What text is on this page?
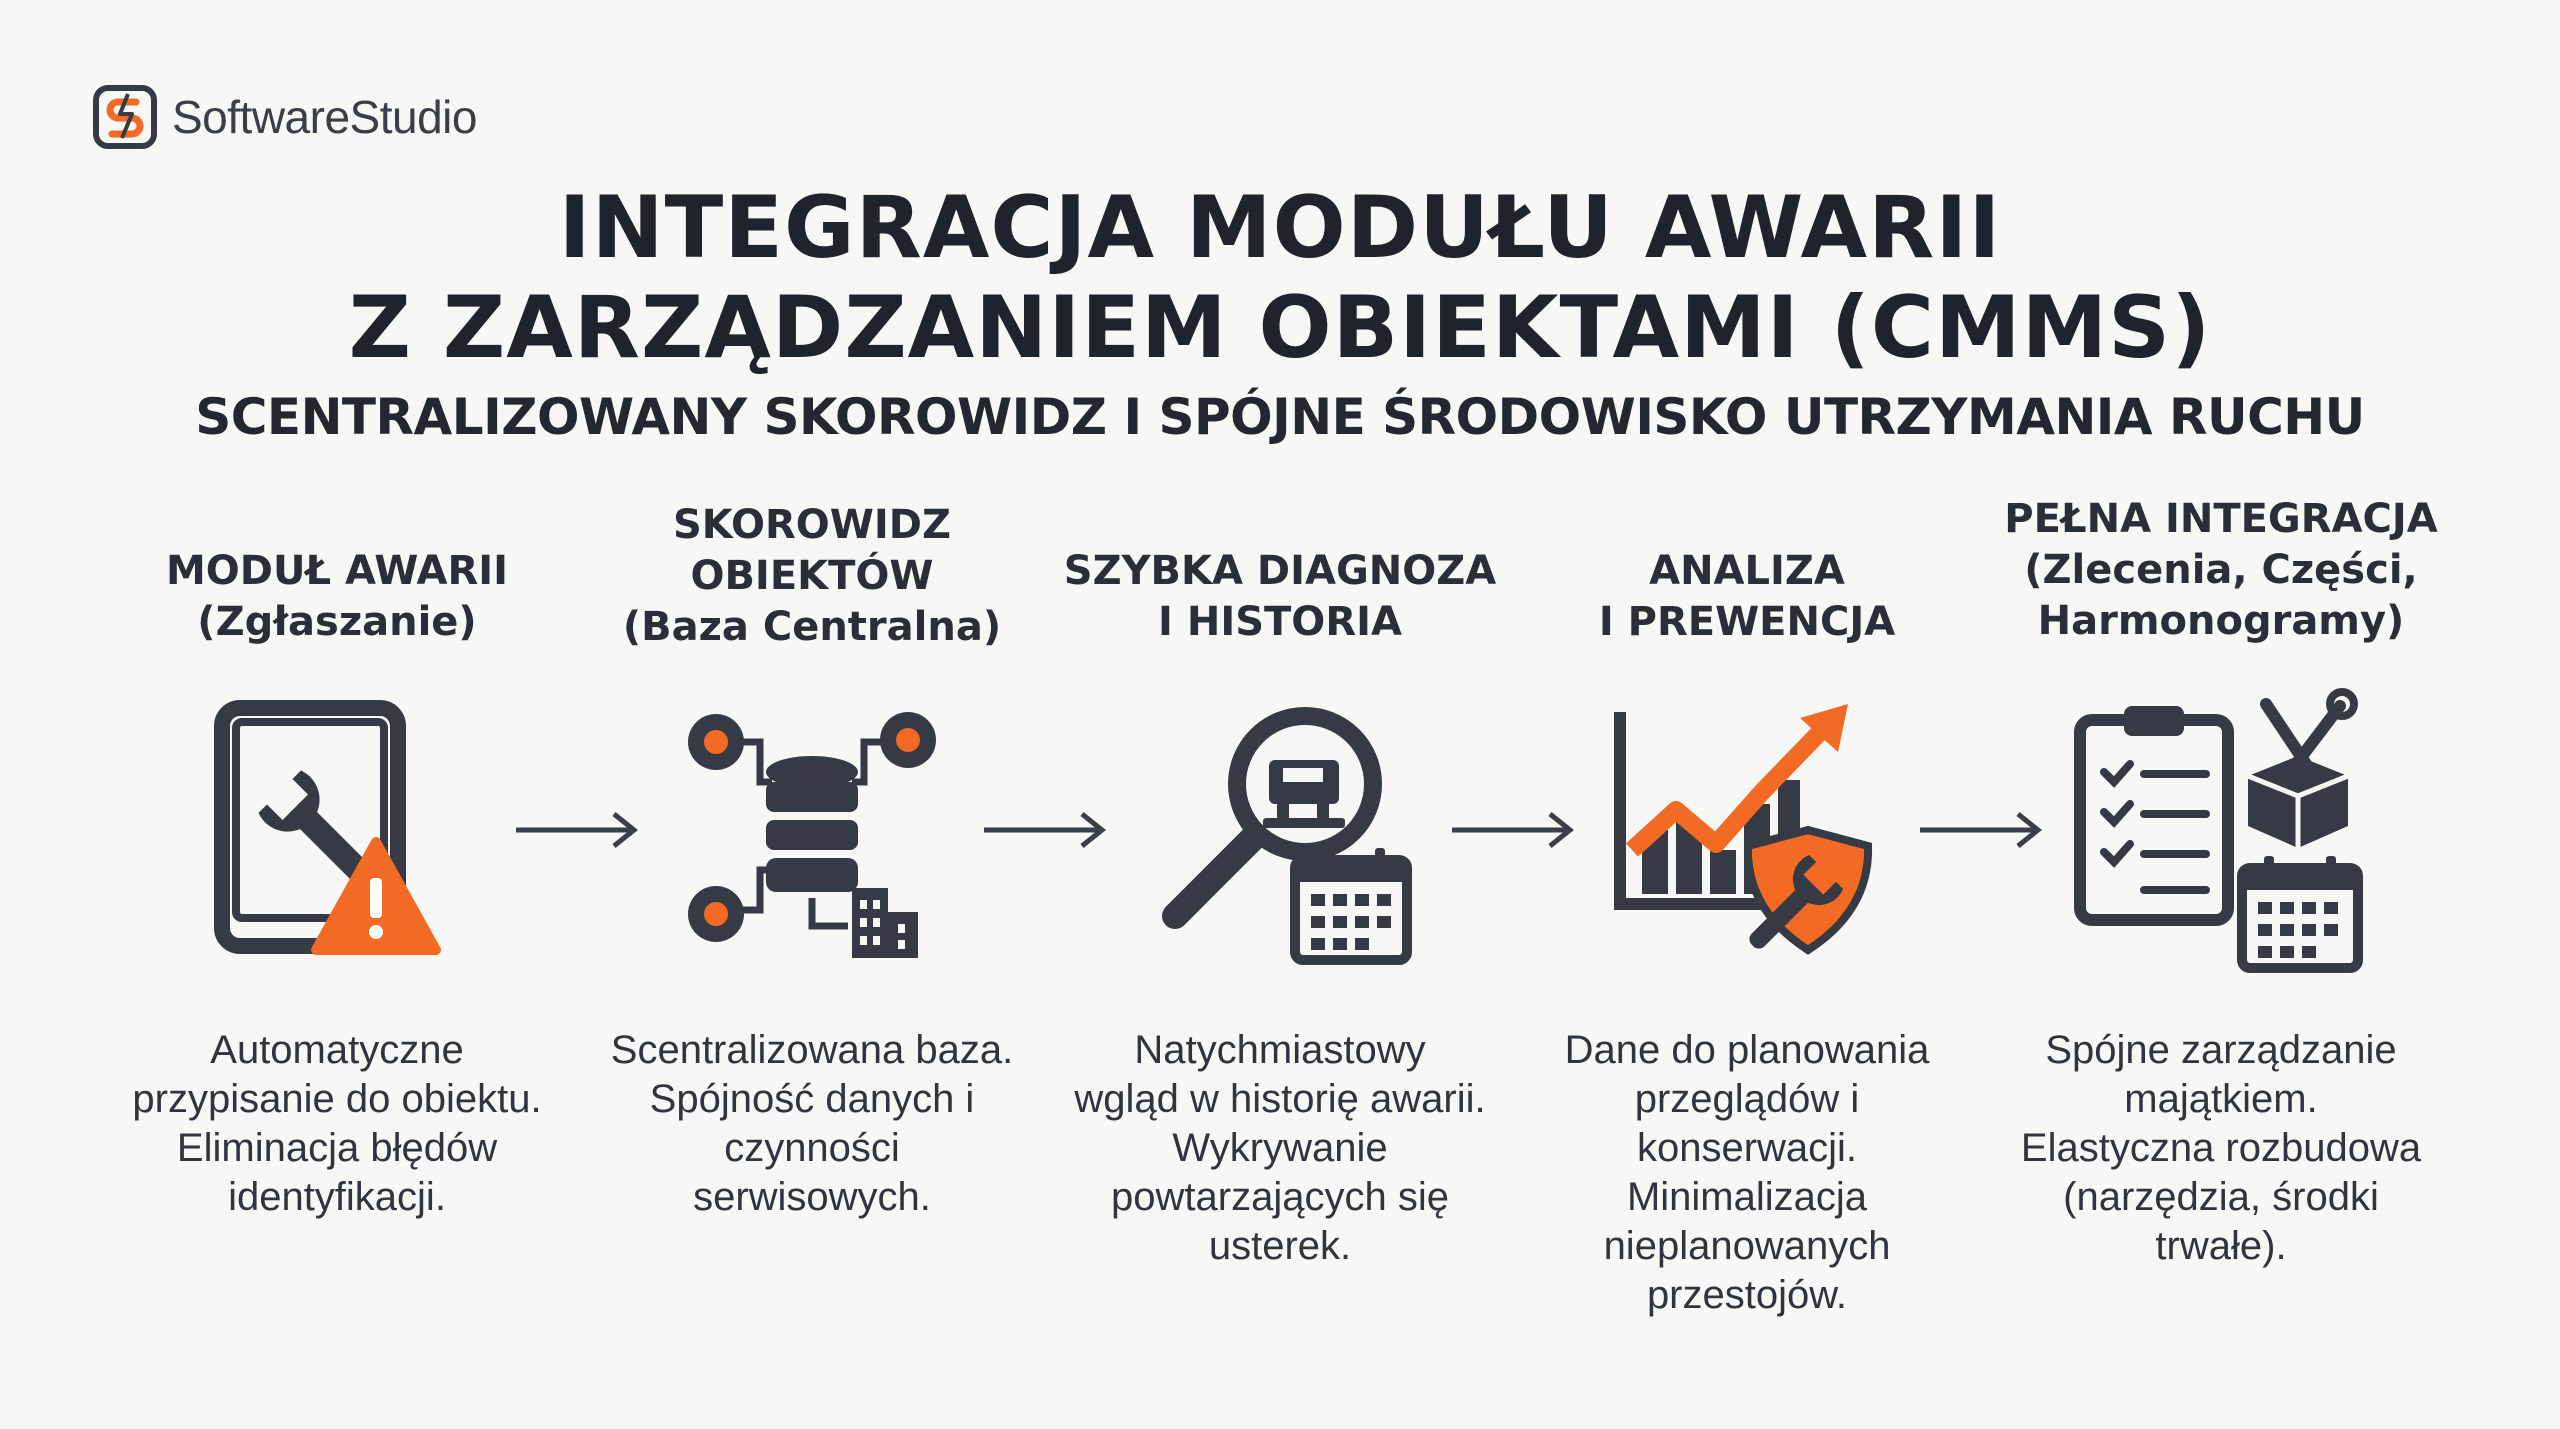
SoftwareStudio
INTEGRACJA MODUŁU AWARII
Z ZARZĄDZANIEM OBIEKTAMI (CMMS)
SCENTRALIZOWANY SKOROWIDZ I SPÓJNE ŚRODOWISKO UTRZYMANIA RUCHU
MODUŁ AWARII
(Zgłaszanie)
Automatyczne
przypisanie do obiektu.
Eliminacja błędów
identyfikacji.
SKOROWIDZ
OBIEKTÓW
(Baza Centralna)
Scentralizowana baza.
Spójność danych i
czynności
serwisowych.
SZYBKA DIAGNOZA
I HISTORIA
Natychmiastowy
wgląd w historię awarii.
Wykrywanie
powtarzających się
usterek.
ANALIZA
I PREWENCJA
Dane do planowania
przeglądów i
konserwacji.
Minimalizacja
nieplanowanych
przestojów.
PEŁNA INTEGRACJA
(Zlecenia, Części,
Harmonogramy)
Spójne zarządzanie
majątkiem.
Elastyczna rozbudowa
(narzędzia, środki
trwałe).
